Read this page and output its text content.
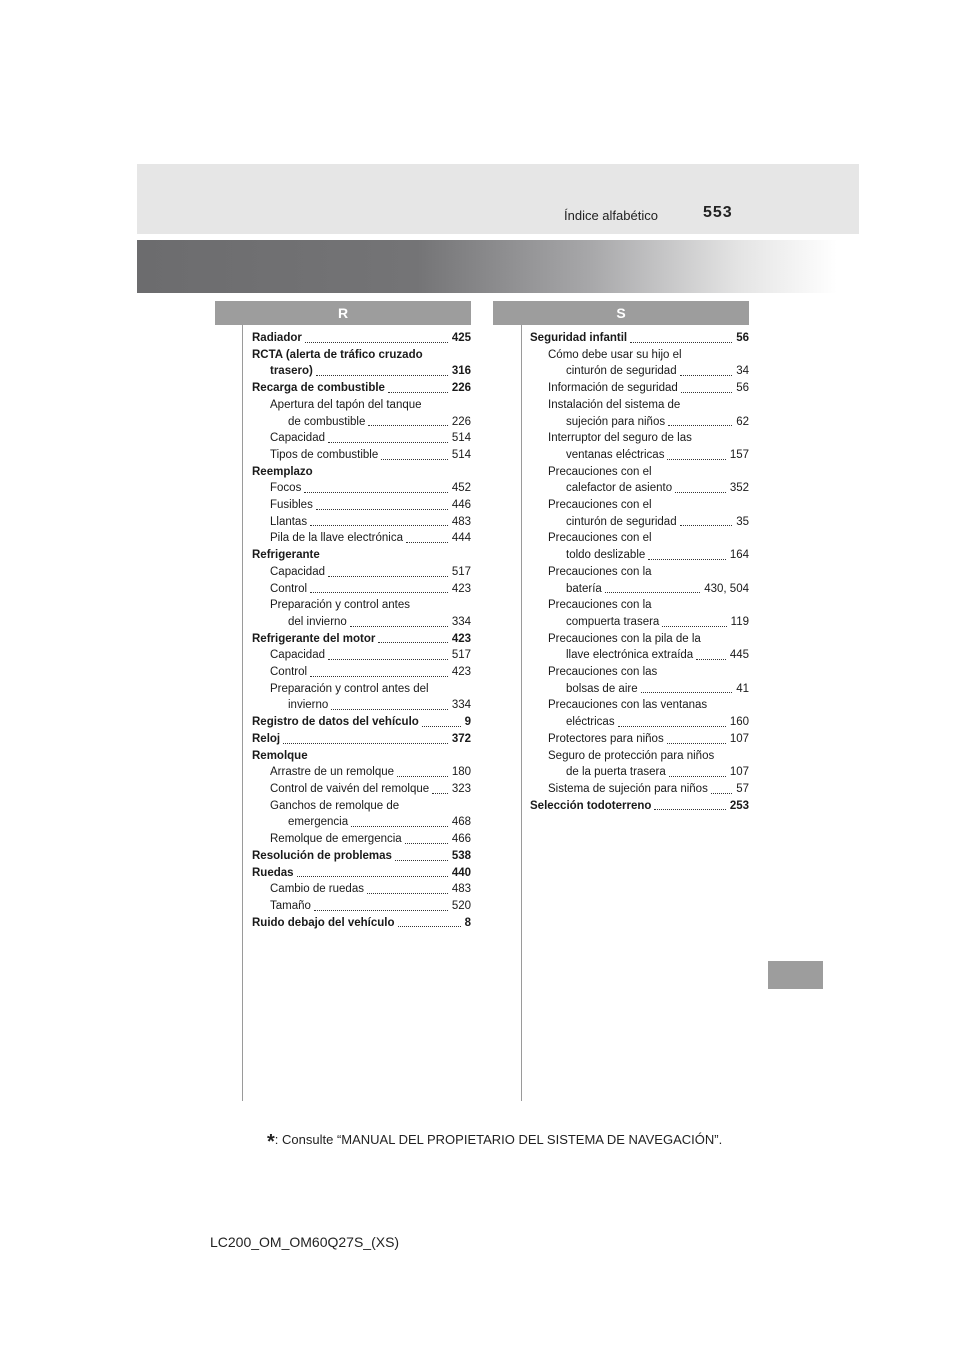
Índice alfabético	553
R	S
Radiador	425
RCTA (alerta de tráfico cruzado
trasero)	316
Recarga de combustible	226
Apertura del tapón del tanque
de combustible	226
Capacidad	514
Tipos de combustible	514
Reemplazo
Focos	452
Fusibles	446
Llantas	483
Pila de la llave electrónica	444
Refrigerante
Capacidad	517
Control	423
Preparación y control antes
del invierno	334
Refrigerante del motor	423
Capacidad	517
Control	423
Preparación y control antes del
invierno	334
Registro de datos del vehículo	9
Reloj	372
Remolque
Arrastre de un remolque	180
Control de vaivén del remolque 323
Ganchos de remolque de
emergencia	468
Remolque de emergencia	466
Resolución de problemas	538
Ruedas	440
Cambio de ruedas	483
Tamaño	520
Ruido debajo del vehículo	8
Seguridad infantil	56
Cómo debe usar su hijo el
cinturón de seguridad	34
Información de seguridad	56
Instalación del sistema de
sujeción para niños	62
Interruptor del seguro de las
ventanas eléctricas	157
Precauciones con el
calefactor de asiento	352
Precauciones con el
cinturón de seguridad	35
Precauciones con el
toldo deslizable	164
Precauciones con la
batería	430, 504
Precauciones con la
compuerta trasera	119
Precauciones con la pila de la
llave electrónica extraída	445
Precauciones con las
bolsas de aire	41
Precauciones con las ventanas
eléctricas	160
Protectores para niños	107
Seguro de protección para niños
de la puerta trasera	107
Sistema de sujeción para niños 57
Selección todoterreno	253
*: Consulte “MANUAL DEL PROPIETARIO DEL SISTEMA DE NAVEGACIÓN”.
LC200_OM_OM60Q27S_(XS)
